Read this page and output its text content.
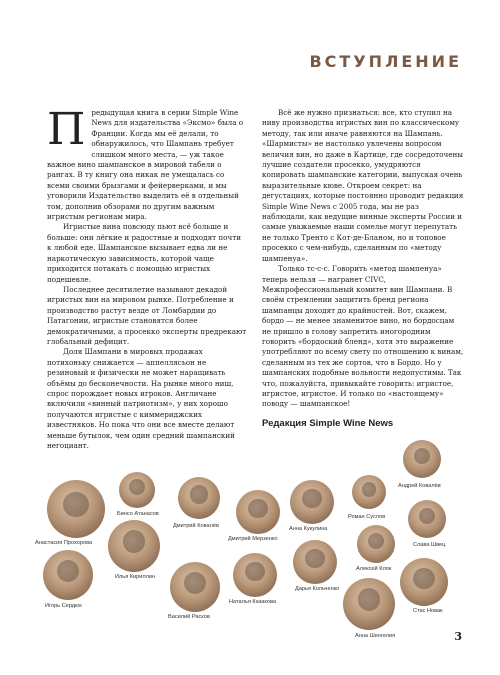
ВСТУПЛЕНИЕ

Предыдущая книга в серии Simple Wine News для издательства «Эксмо» была о Франции. Когда мы её делали, то обнаружилось, что Шампань требует слишком много места, — уж такое важное вино шампанское в мировой табели о рангах. В ту книгу она никак не умещалась со всеми своими брызгами и фейерверками, и мы уговорили Издательство выделить её в отдельный том, дополнив обзорами по другим важным игристым регионам мира.

Игристые вина повсюду пьют всё больше и больше: они лёгкие и радостные и подходят почти к любой еде. Шампанское вызывает едва ли не наркотическую зависимость, которой чаще приходится потакать с помощью игристых подешевле.

Последнее десятилетие называют декадой игристых вин на мировом рынке. Потребление и производство растут везде от Ломбардии до Патагонии, игристые становятся более демократичными, а просекко эксперты предрекают глобальный дефицит.

Доля Шампани в мировых продажах потихоньку снижается — аппеллясьон не резиновый и физически не может наращивать объёмы до бесконечности. На рынке много ниш, спрос порождает новых игроков. Англичане включили «винный патриотизм», у них хорошо получаются игристые с киммериджских известняков. Но пока что они все вместе делают меньше бутылок, чем один средний шампанский негоциант.

Всё же нужно признаться: все, кто ступил на ниву производства игристых вин по классическому методу, так или иначе равняются на Шампань. «Шармисты» не настолько увлечены вопросом величия вин, но даже в Картице, где сосредоточены лучшие создатели просекко, умудряются копировать шампанские категории, выпуская очень выразительные кюве. Откроем секрет: на дегустациях, которые постоянно проводит редакция Simple Wine News с 2005 года, мы не раз наблюдали, как ведущие винные эксперты России и самые уважаемые наши сомелье могут перепутать не только Тренто с Кот-де-Бланом, но и топовое просекко с чем-нибудь, сделанным по «методу шампенуа».

Только тс-с-с. Говорить «метод шампенуа» теперь нельзя — награнет CIVC, Межпрофессиональный комитет вин Шампани. В своём стремлении защитить бренд региона шампанцы доходят до крайностей. Вот, скажем, бордо — не менее знаменитое вино, но бордосцам не пришло в голову запретить иногородним говорить «бордоский бленд», хотя это выражение употребляют по всему свету по отношению к винам, сделанным из тех же сортов, что в Бордо. Но у шампанских подобные вольности недопустимы. Так что, пожалуйста, привыкайте говорить: игристое, игристое, игристое. И только по «настоящему» поводу — шампанское!

Редакция Simple Wine News
Андрей Ковалёв
Бинсо Атанасов	Роман Суслов
Дмитрий Ковалёв	Анна Кукулина
Дмитрий Мерзенко
Слава Швец
Анастасия Прохорова
Алексей Клок
Илья Кириллин
Дарья Кольченко
Игорь Сердюк
Наталья Казакова
Стас Новак
Василий Расков
Анна Шенгелия	3
